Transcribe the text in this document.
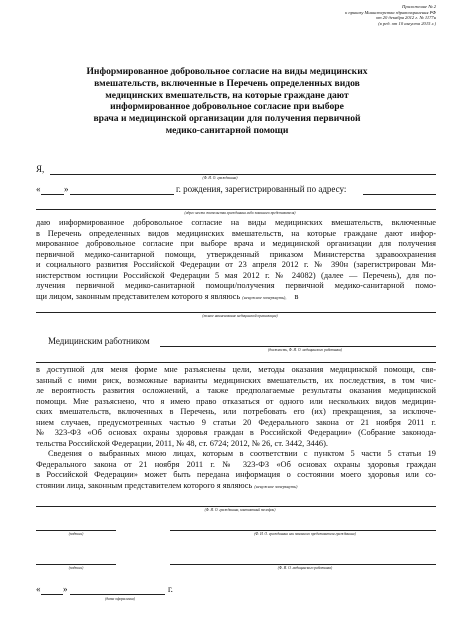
Приложение № 2
к приказу Министерства здравоохранения РФ
от 20 декабря 2012 г. № 1177н
(в ред. от 10 августа 2015 г.)
Информированное добровольное согласие на виды медицинских
вмешательств, включенные в Перечень определенных видов
медицинских вмешательств, на которые граждане дают
информированное добровольное согласие при выборе
врача и медицинской организации для получения первичной
медико-санитарной помощи
Я,
(Ф. И. О. гражданина)
«	»	г. рождения, зарегистрированный по адресу:
(адрес места жительства гражданина либо законного представителя)
даю информированное добровольное согласие на виды медицинских вмешательств, включенные
в Перечень определенных видов медицинских вмешательств, на которые граждане дают инфор-
мированное добровольное согласие при выборе врача и медицинской организации для получения
первичной медико-санитарной помощи, утвержденный приказом Министерства здравоохранения
и социального развития Российской Федерации от 23 апреля 2012 г. № 390н (зарегистрирован Ми-
нистерством юстиции Российской Федерации 5 мая 2012 г. № 24082) (далее — Перечень), для по-
лучения первичной медико-санитарной помощи/получения первичной медико-санитарной помо-
щи лицом, законным представителем которого я являюсь (ненужное зачеркнуть), в
(полное наименование медицинской организации)
Медицинским работником
(должность, Ф. И. О. медицинского работника)
в доступной для меня форме мне разъяснены цели, методы оказания медицинской помощи, свя-
занный с ними риск, возможные варианты медицинских вмешательств, их последствия, в том чис-
ле вероятность развития осложнений, а также предполагаемые результаты оказания медицинской
помощи. Мне разъяснено, что я имею право отказаться от одного или нескольких видов медицин-
ских вмешательств, включенных в Перечень, или потребовать его (их) прекращения, за исключе-
нием случаев, предусмотренных частью 9 статьи 20 Федерального закона от 21 ноября 2011 г.
№ 323-ФЗ «Об основах охраны здоровья граждан в Российской Федерации» (Собрание законода-
тельства Российской Федерации, 2011, № 48, ст. 6724; 2012, № 26, ст. 3442, 3446).
Сведения о выбранных мною лицах, которым в соответствии с пунктом 5 части 5 статьи 19
Федерального закона от 21 ноября 2011 г. № 323-ФЗ «Об основах охраны здоровья граждан
в Российской Федерации» может быть передана информация о состоянии моего здоровья или со-
стоянии лица, законным представителем которого я являюсь (ненужное зачеркнуть)
(Ф. И. О. гражданина, контактный телефон)
(подпись)	(Ф. И. О. гражданина или законного представителя гражданина)
(подпись)	(Ф. И. О. медицинского работника)
«	»	г.
(дата оформления)
